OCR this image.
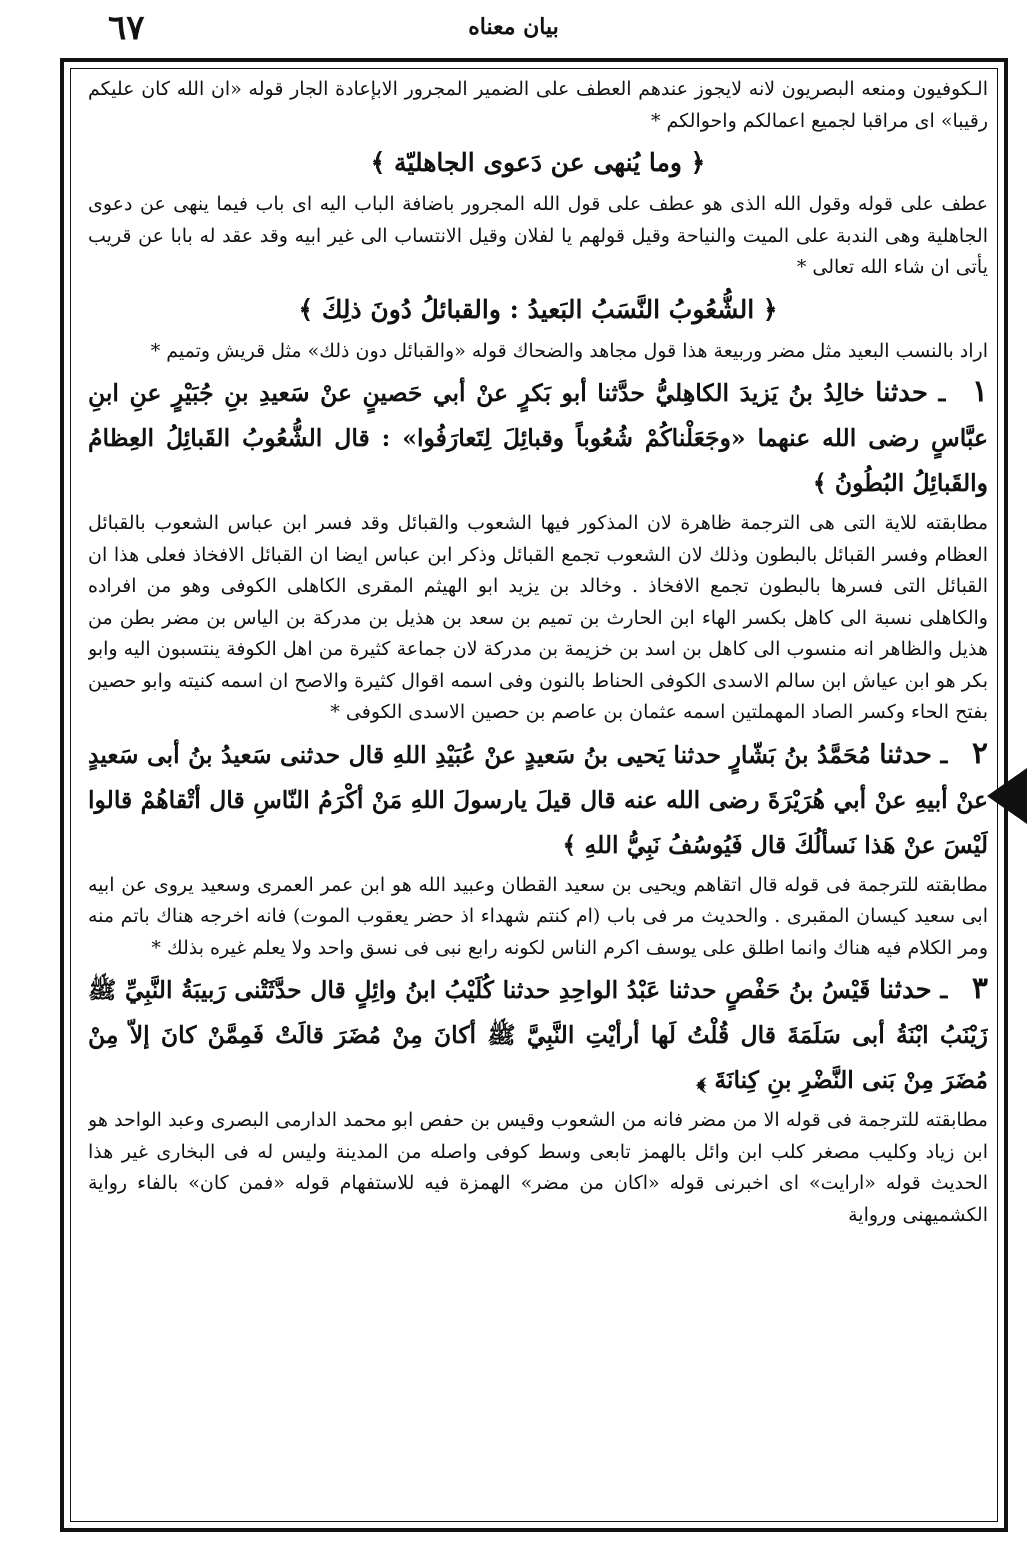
٦٧	بیان معناه

الـكوفيون ومنعه البصريون لانه لايجوز عندهم العطف على الضمير المجرور الابإعادة الجار قوله «ان الله كان عليكم رقيبا» اى مراقبا لجميع اعمالكم واحوالكم *

﴿ وما يُنهى عن دَعوى الجاهليّة ﴾

عطف على قوله وقول الله الذى هو عطف على قول الله المجرور باضافة الباب اليه اى باب فيما ينهى عن دعوى الجاهلية وهى الندبة على الميت والنياحة وقيل قولهم يا لفلان وقيل الانتساب الى غير ابيه وقد عقد له بابا عن قريب يأتى ان شاء الله تعالى *

﴿ الشُّعُوبُ النَّسَبُ البَعيدُ : والقبائلُ دُونَ ذلِكَ ﴾

اراد بالنسب البعيد مثل مضر وربيعة هذا قول مجاهد والضحاك قوله «والقبائل دون ذلك» مثل قريش وتميم *

١ ـ حدثنا خالِدُ بنُ يَزيدَ الكاهِليُّ حدَّثنا أبو بَكرٍ عنْ أبي حَصينٍ عنْ سَعيدِ بنِ جُبَيْرٍ عنِ ابنِ عبَّاسٍ رضى الله عنهما «وجَعَلْناكُمْ شُعُوباً وقبائِلَ لِتَعارَفُوا» : قال الشُّعُوبُ القَبائِلُ العِظامُ والقَبائِلُ البُطُونُ ﴾

مطابقته للاية التى هى الترجمة ظاهرة لان المذكور فيها الشعوب والقبائل وقد فسر ابن عباس الشعوب بالقبائل العظام وفسر القبائل بالبطون وذلك لان الشعوب تجمع القبائل وذكر ابن عباس ايضا ان القبائل الافخاذ فعلى هذا ان القبائل التى فسرها بالبطون تجمع الافخاذ . وخالد بن يزيد ابو الهيثم المقرى الكاهلى الكوفى وهو من افراده والكاهلى نسبة الى كاهل بكسر الهاء ابن الحارث بن تميم بن سعد بن هذيل بن مدركة بن الياس بن مضر بطن من هذيل والظاهر انه منسوب الى كاهل بن اسد بن خزيمة بن مدركة لان جماعة كثيرة من اهل الكوفة ينتسبون اليه وابو بكر هو ابن عياش ابن سالم الاسدى الكوفى الحناط بالنون وفى اسمه اقوال كثيرة والاصح ان اسمه كنيته وابو حصين بفتح الحاء وكسر الصاد المهملتين اسمه عثمان بن عاصم بن حصين الاسدى الكوفى *

٢ ـ حدثنا مُحَمَّدُ بنُ بَشّارٍ حدثنا يَحيى بنُ سَعيدٍ عنْ عُبَيْدِ اللهِ قال حدثنى سَعيدُ بنُ أبى سَعيدٍ عنْ أبيهِ عنْ أبي هُرَيْرَةَ رضى الله عنه قال قيلَ يارسولَ اللهِ مَنْ أكْرَمُ النّاسِ قال أتْقاهُمْ قالوا لَيْسَ عنْ هَذا نَسألُكَ قال فَيُوسُفُ نَبِيُّ اللهِ ﴾

مطابقته للترجمة فى قوله قال اتقاهم ويحيى بن سعيد القطان وعبيد الله هو ابن عمر العمرى وسعيد يروى عن ابيه ابى سعيد كيسان المقبرى . والحديث مر فى باب (ام كنتم شهداء اذ حضر يعقوب الموت) فانه اخرجه هناك باتم منه ومر الكلام فيه هناك وانما اطلق على يوسف اكرم الناس لكونه رابع نبى فى نسق واحد ولا يعلم غيره بذلك *

٣ ـ حدثنا قَيْسُ بنُ حَفْصٍ حدثنا عَبْدُ الواحِدِ حدثنا كُلَيْبُ ابنُ وائِلٍ قال حدَّثَتْنى رَبيبَةُ النَّبِيِّ ﷺ زَيْنَبُ ابْنَةُ أبى سَلَمَةَ قال قُلْتُ لَها أرأيْتِ النَّبِيَّ ﷺ أكانَ مِنْ مُضَرَ قالَتْ فَمِمَّنْ كانَ إلاّ مِنْ مُضَرَ مِنْ بَنى النَّضْرِ بنِ كِنانَةَ ﴾

مطابقته للترجمة فى قوله الا من مضر فانه من الشعوب وقيس بن حفص ابو محمد الدارمى البصرى وعبد الواحد هو ابن زياد وكليب مصغر كلب ابن وائل بالهمز تابعى وسط كوفى واصله من المدينة وليس له فى البخارى غير هذا الحديث قوله «ارايت» اى اخبرنى قوله «اكان من مضر» الهمزة فيه للاستفهام قوله «فمن كان» بالفاء رواية الكشميهنى ورواية
